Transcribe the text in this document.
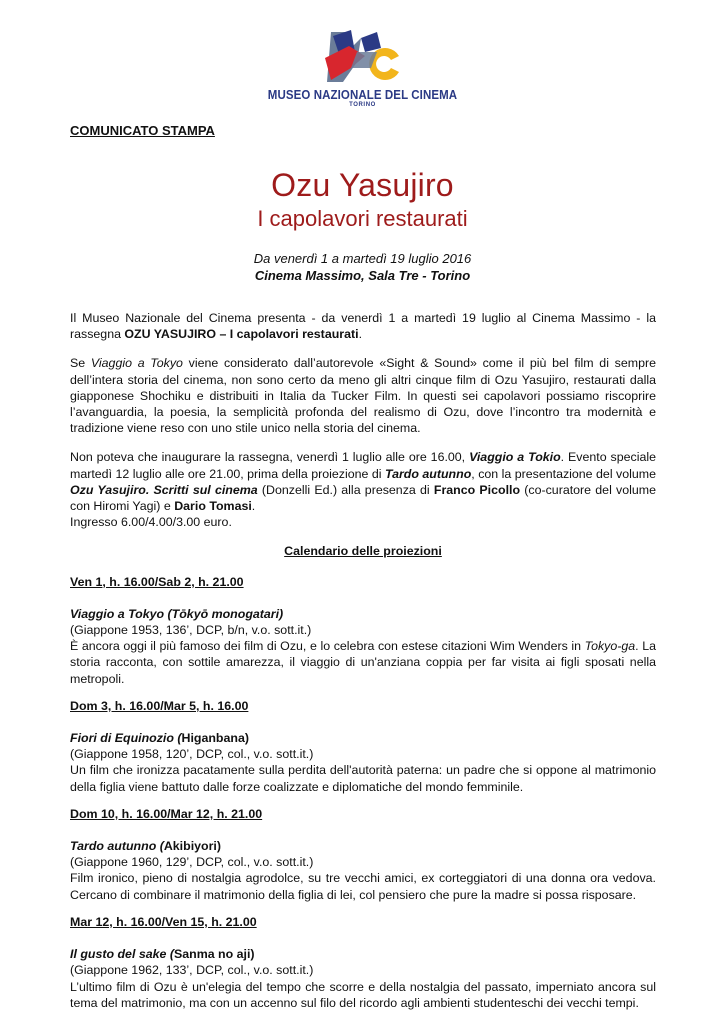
MUSEO NAZIONALE DEL CINEMA
TORINO
COMUNICATO STAMPA
Ozu Yasujiro
I capolavori restaurati
Da venerdì 1 a martedì 19 luglio 2016
Cinema Massimo, Sala Tre - Torino

Il Museo Nazionale del Cinema presenta - da venerdì 1 a martedì 19 luglio al Cinema Massimo - la rassegna OZU YASUJIRO – I capolavori restaurati.

Se Viaggio a Tokyo viene considerato dall’autorevole «Sight & Sound» come il più bel film di sempre dell’intera storia del cinema, non sono certo da meno gli altri cinque film di Ozu Yasujiro, restaurati dalla giapponese Shochiku e distribuiti in Italia da Tucker Film. In questi sei capolavori possiamo riscoprire l’avanguardia, la poesia, la semplicità profonda del realismo di Ozu, dove l’incontro tra modernità e tradizione viene reso con uno stile unico nella storia del cinema.

Non poteva che inaugurare la rassegna, venerdì 1 luglio alle ore 16.00, Viaggio a Tokio. Evento speciale martedì 12 luglio alle ore 21.00, prima della proiezione di Tardo autunno, con la presentazione del volume Ozu Yasujiro. Scritti sul cinema (Donzelli Ed.) alla presenza di Franco Picollo (co-curatore del volume con Hiromi Yagi) e Dario Tomasi.

Ingresso 6.00/4.00/3.00 euro.

Calendario delle proiezioni
Ven 1, h. 16.00/Sab 2, h. 21.00
Viaggio a Tokyo (Tōkyō monogatari)
(Giappone 1953, 136’, DCP, b/n, v.o. sott.it.)
È ancora oggi il più famoso dei film di Ozu, e lo celebra con estese citazioni Wim Wenders in Tokyo-ga. La storia racconta, con sottile amarezza, il viaggio di un'anziana coppia per far visita ai figli sposati nella metropoli.
Dom 3, h. 16.00/Mar 5, h. 16.00
Fiori di Equinozio (Higanbana)
(Giappone 1958, 120’, DCP, col., v.o. sott.it.)
Un film che ironizza pacatamente sulla perdita dell'autorità paterna: un padre che si oppone al matrimonio della figlia viene battuto dalle forze coalizzate e diplomatiche del mondo femminile.
Dom 10, h. 16.00/Mar 12, h. 21.00
Tardo autunno (Akibiyori)
(Giappone 1960, 129’, DCP, col., v.o. sott.it.)
Film ironico, pieno di nostalgia agrodolce, su tre vecchi amici, ex corteggiatori di una donna ora vedova. Cercano di combinare il matrimonio della figlia di lei, col pensiero che pure la madre si possa risposare.
Mar 12, h. 16.00/Ven 15, h. 21.00
Il gusto del sake (Sanma no aji)
(Giappone 1962, 133’, DCP, col., v.o. sott.it.)
L’ultimo film di Ozu è un'elegia del tempo che scorre e della nostalgia del passato, imperniato ancora sul tema del matrimonio, ma con un accenno sul filo del ricordo agli ambienti studenteschi dei vecchi tempi.
